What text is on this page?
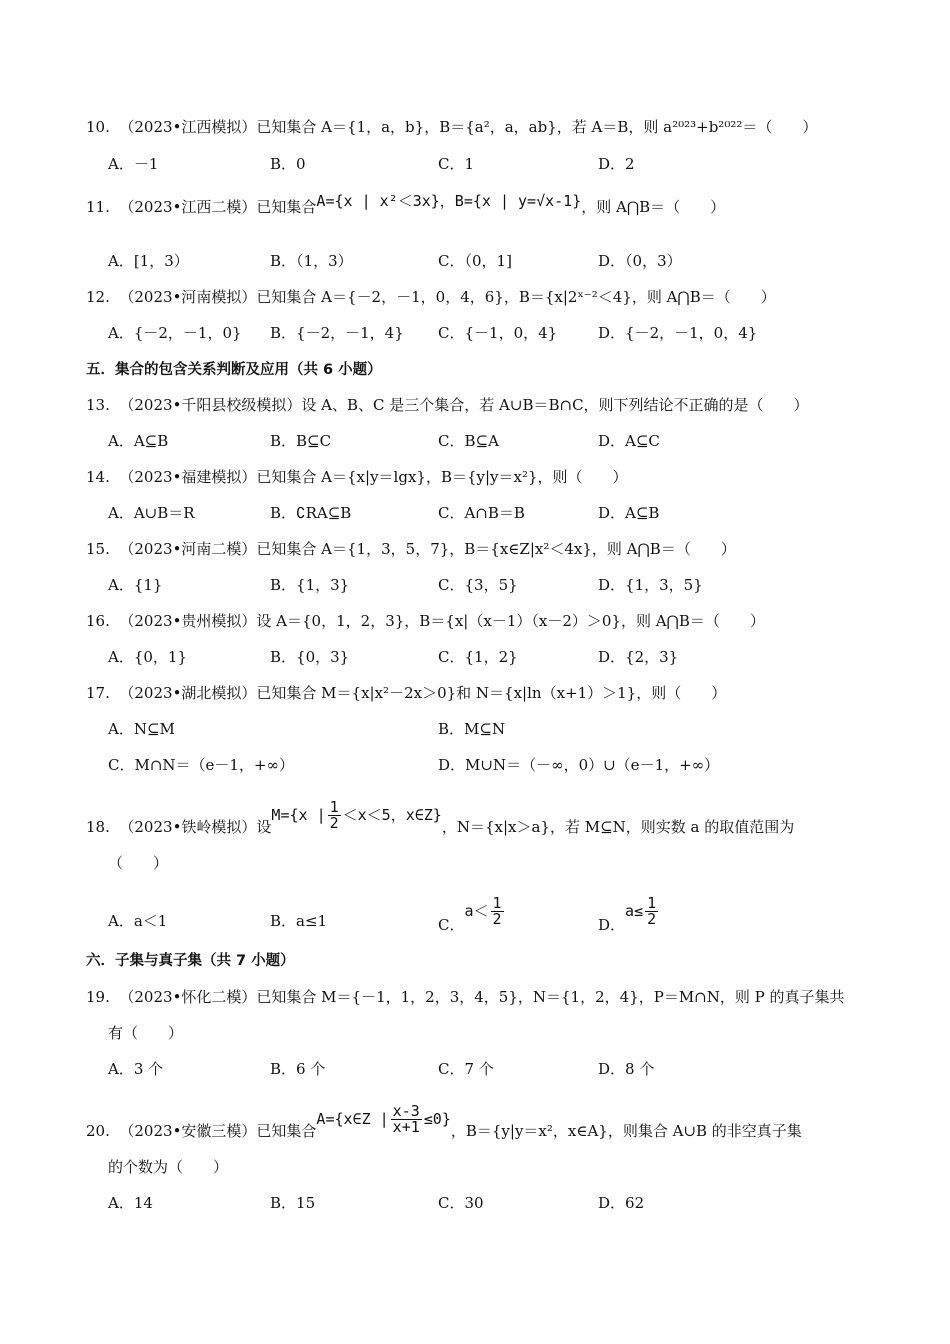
10.  （2023•江西模拟）已知集合 A＝{1，a，b}，B＝{a²，a，ab}，若 A＝B，则 a²⁰²³+b²⁰²²＝（　　）
A．－1	B．0	C．1	D．2
11.  （2023•江西二模）已知集合A={x | x²＜3x}，B={x | y=√x-1}，则 A⋂B＝（　　）
A．[1，3）	B．（1，3）	C．（0，1]	D．（0，3）
12.  （2023•河南模拟）已知集合 A＝{－2，－1，0，4，6}，B＝{x|2ˣ⁻²＜4}，则 A⋂B＝（　　）
A．{－2，－1，0} B．{－2，－1，4} C．{－1，0，4}	D．{－2，－1，0，4}
五．集合的包含关系判断及应用（共 6 小题）
13.  （2023•千阳县校级模拟）设 A、B、C 是三个集合，若 A∪B＝B∩C，则下列结论不正确的是（　　）
A．A⊆B	B．B⊆C	C．B⊆A	D．A⊆C
14.  （2023•福建模拟）已知集合 A＝{x|y＝lgx}，B＝{y|y＝x²}，则（　　）
A．A∪B＝R	B．∁RA⊆B	C．A∩B＝B	D．A⊆B
15.  （2023•河南二模）已知集合 A＝{1，3，5，7}，B＝{x∈Z|x²＜4x}，则 A⋂B＝（　　）
A．{1}	B．{1，3}	C．{3，5}	D．{1，3，5}
16.  （2023•贵州模拟）设 A＝{0，1，2，3}，B＝{x|（x－1）（x－2）＞0}，则 A⋂B＝（　　）
A．{0，1}	B．{0，3}	C．{1，2}	D．{2，3}
17.  （2023•湖北模拟）已知集合 M＝{x|x²－2x＞0}和 N＝{x|ln（x+1）＞1}，则（　　）
A．N⊆M	B．M⊆N
C．M∩N＝（e－1，+∞）	D．M∪N＝（－∞，0）∪（e－1，+∞）
18.  （2023•铁岭模拟）设M={x | $\frac{1}{2} <x<5$，x∈Z}，N＝{x|x＞a}，若 M⊆N，则实数 a 的取值范围为
（　　）
A．a＜1	B．a≤1	C．$a< \frac{1}{2}$	D．$a\le \frac{1}{2}$
六．子集与真子集（共 7 小题）
19.  （2023•怀化二模）已知集合 M＝{－1，1，2，3，4，5}，N＝{1，2，4}，P＝M∩N，则 P 的真子集共
有（　　）
A．3 个	B．6 个	C．7 个	D．8 个
20.  （2023•安徽三模）已知集合A={x∈Z | $\frac{x-3}{x+1} \le 0$}，B＝{y|y＝x²，x∈A}，则集合 A∪B 的非空真子集
的个数为（　　）
A．14	B．15	C．30	D．62
